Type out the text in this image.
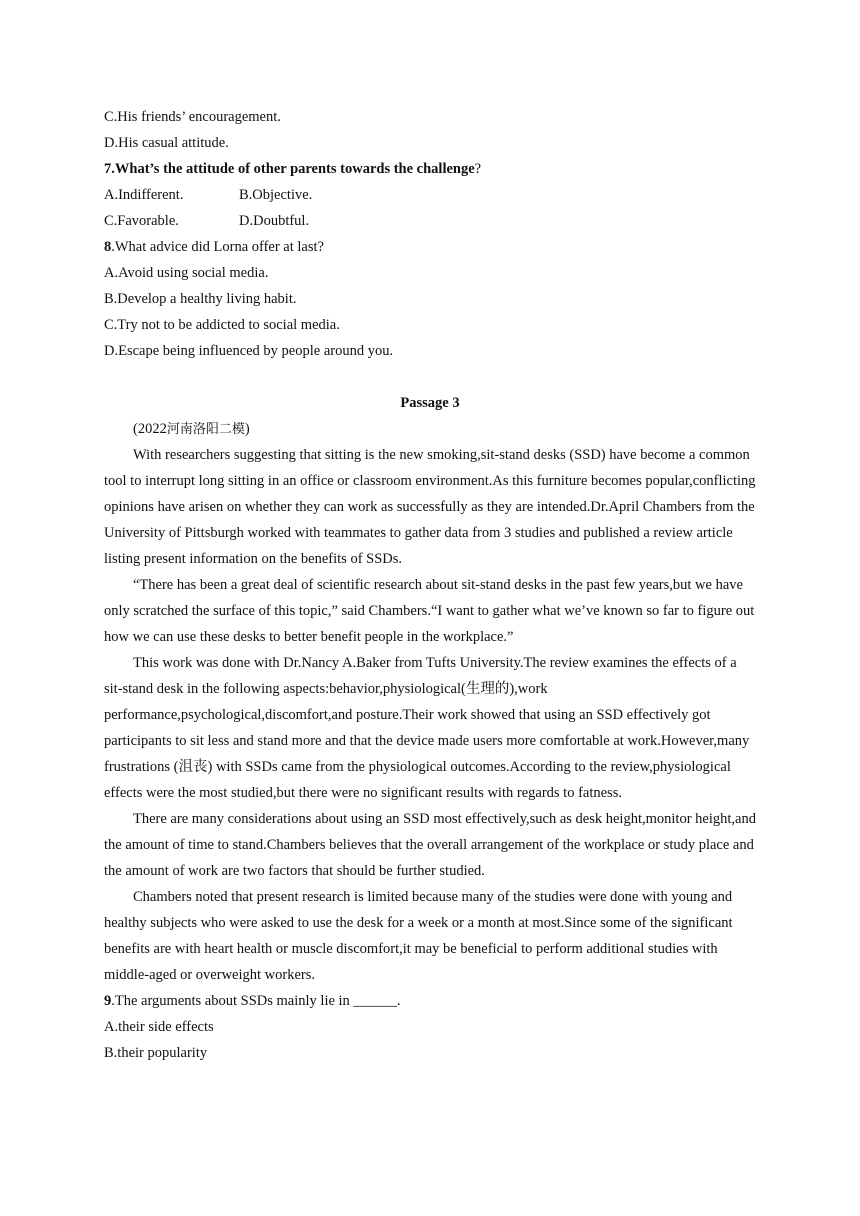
C.His friends’ encouragement.
D.His casual attitude.
7.What’s the attitude of other parents towards the challenge?
A.Indifferent.	B.Objective.
C.Favorable.	D.Doubtful.
8.What advice did Lorna offer at last?
A.Avoid using social media.
B.Develop a healthy living habit.
C.Try not to be addicted to social media.
D.Escape being influenced by people around you.
Passage 3
(2022河南洛阳二模)

With researchers suggesting that sitting is the new smoking,sit-stand desks (SSD) have become a common tool to interrupt long sitting in an office or classroom environment.As this furniture becomes popular,conflicting opinions have arisen on whether they can work as successfully as they are intended.Dr.April Chambers from the University of Pittsburgh worked with teammates to gather data from 3 studies and published a review article listing present information on the benefits of SSDs.

“There has been a great deal of scientific research about sit-stand desks in the past few years,but we have only scratched the surface of this topic,” said Chambers.“I want to gather what we’ve known so far to figure out how we can use these desks to better benefit people in the workplace.”

This work was done with Dr.Nancy A.Baker from Tufts University.The review examines the effects of a sit-stand desk in the following aspects:behavior,physiological(生理的),work performance,psychological,discomfort,and posture.Their work showed that using an SSD effectively got participants to sit less and stand more and that the device made users more comfortable at work.However,many frustrations (沮丧) with SSDs came from the physiological outcomes.According to the review,physiological effects were the most studied,but there were no significant results with regards to fatness.

There are many considerations about using an SSD most effectively,such as desk height,monitor height,and the amount of time to stand.Chambers believes that the overall arrangement of the workplace or study place and the amount of work are two factors that should be further studied.

Chambers noted that present research is limited because many of the studies were done with young and healthy subjects who were asked to use the desk for a week or a month at most.Since some of the significant benefits are with heart health or muscle discomfort,it may be beneficial to perform additional studies with middle-aged or overweight workers.

9.The arguments about SSDs mainly lie in ______.
A.their side effects
B.their popularity
